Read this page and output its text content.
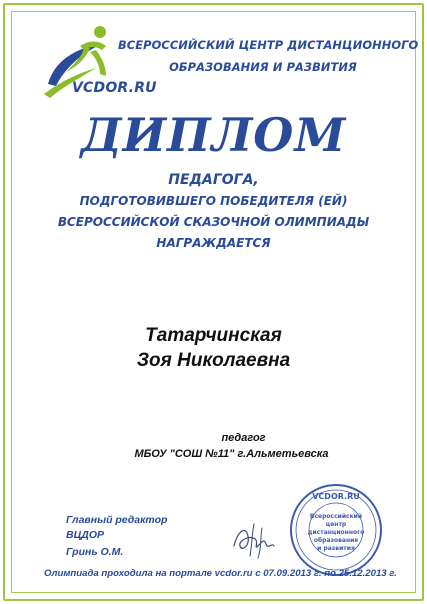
VCDOR.RU
ВСЕРОССИЙСКИЙ ЦЕНТР ДИСТАНЦИОННОГО
ОБРАЗОВАНИЯ И РАЗВИТИЯ
ДИПЛОМ
ПЕДАГОГА,
ПОДГОТОВИВШЕГО ПОБЕДИТЕЛЯ (ЕЙ)
ВСЕРОССИЙСКОЙ СКАЗОЧНОЙ ОЛИМПИАДЫ
НАГРАЖДАЕТСЯ
Татарчинская
Зоя Николаевна
педагог
МБОУ "СОШ №11" г.Альметьевска
Главный редактор
ВЦДОР
Гринь О.М.
VCDOR.RU
Всероссийский
центр
дистанционного
образования
и развития
Олимпиада проходила на портале vcdor.ru с 07.09.2013 г. по 25.12.2013 г.
